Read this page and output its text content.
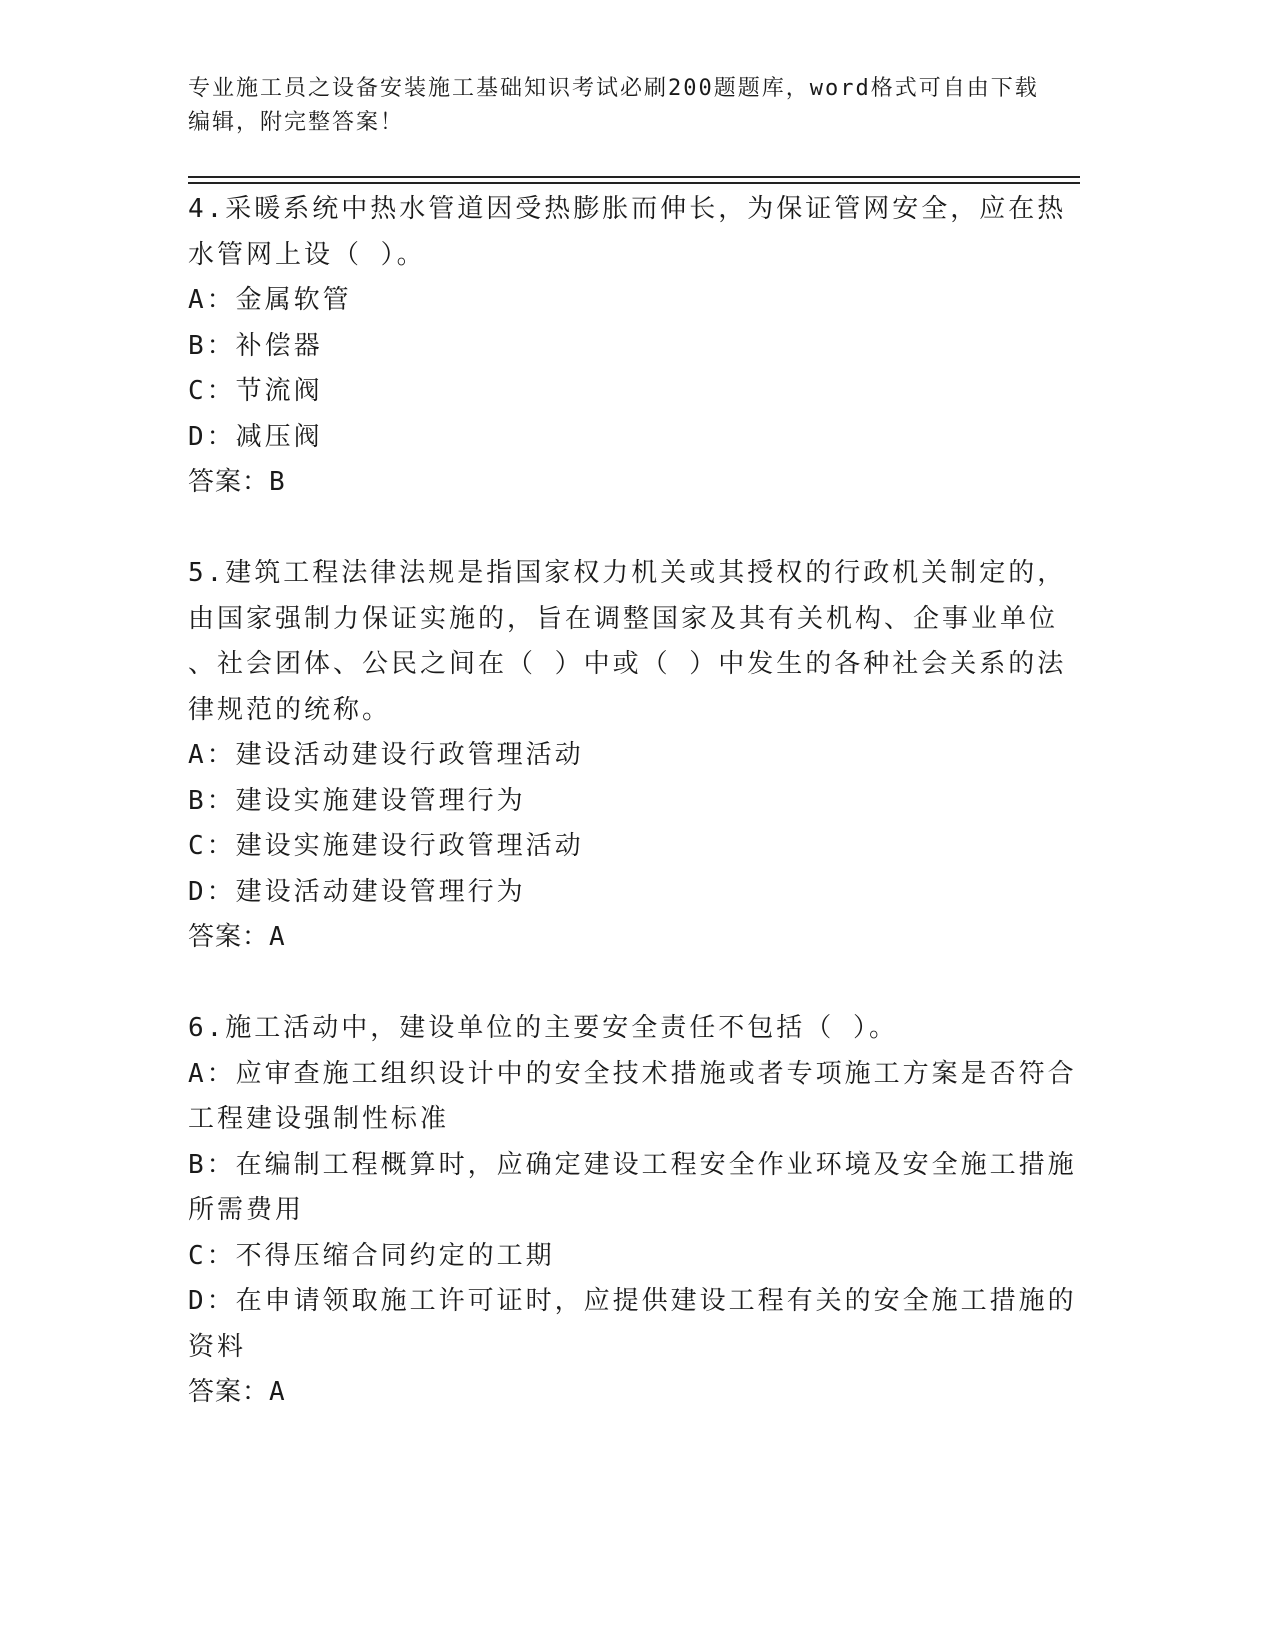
专业施工员之设备安装施工基础知识考试必刷200题题库，word格式可自由下载
编辑，附完整答案！
4.采暖系统中热水管道因受热膨胀而伸长，为保证管网安全，应在热
水管网上设（ ）。
A：金属软管
B：补偿器
C：节流阀
D：减压阀
答案：B
5.建筑工程法律法规是指国家权力机关或其授权的行政机关制定的，
由国家强制力保证实施的，旨在调整国家及其有关机构、企事业单位
、社会团体、公民之间在（ ）中或（ ）中发生的各种社会关系的法
律规范的统称。
A：建设活动建设行政管理活动
B：建设实施建设管理行为
C：建设实施建设行政管理活动
D：建设活动建设管理行为
答案：A
6.施工活动中，建设单位的主要安全责任不包括（ ）。
A：应审查施工组织设计中的安全技术措施或者专项施工方案是否符合
工程建设强制性标准
B：在编制工程概算时，应确定建设工程安全作业环境及安全施工措施
所需费用
C：不得压缩合同约定的工期
D：在申请领取施工许可证时，应提供建设工程有关的安全施工措施的
资料
答案：A
